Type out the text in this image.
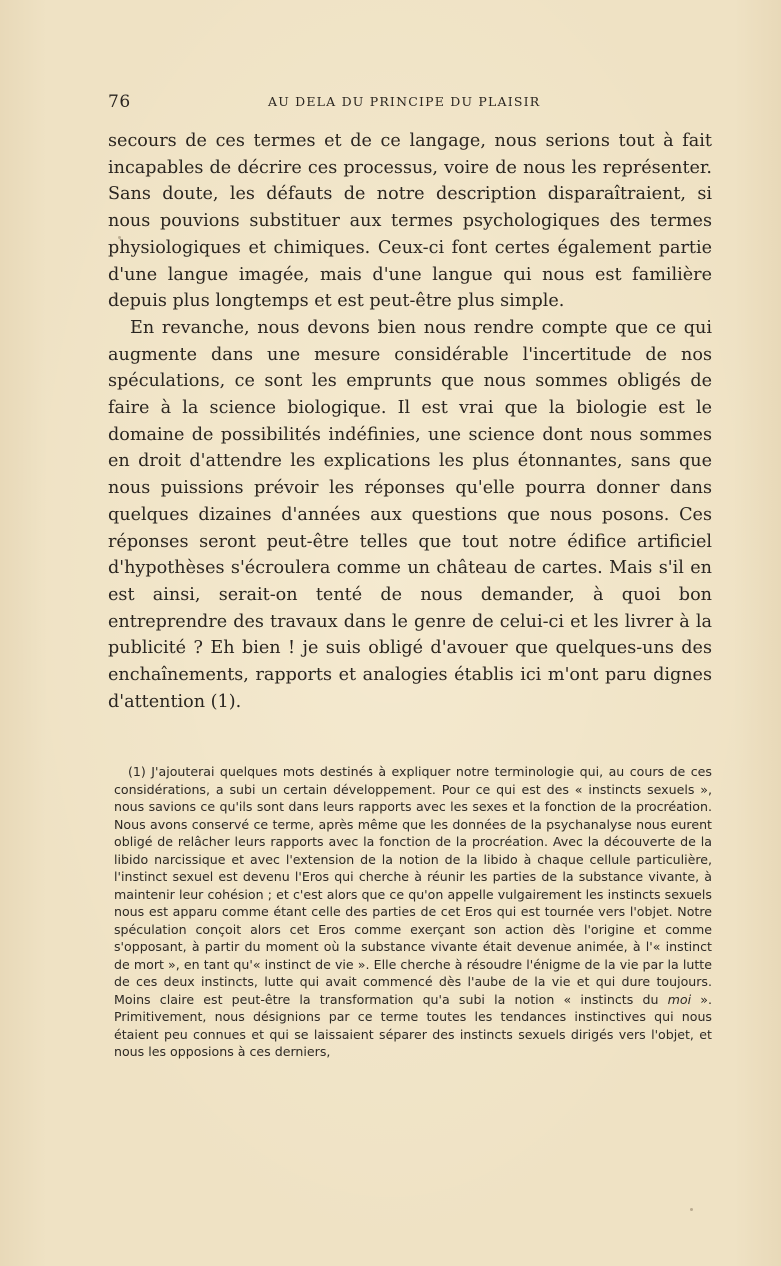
76	AU DELA DU PRINCIPE DU PLAISIR

secours de ces termes et de ce langage, nous serions tout à fait incapables de décrire ces processus, voire de nous les représenter. Sans doute, les défauts de notre description disparaîtraient, si nous pouvions substituer aux termes psychologiques des termes physiologiques et chimiques. Ceux-ci font certes également partie d'une langue imagée, mais d'une langue qui nous est familière depuis plus longtemps et est peut-être plus simple.

En revanche, nous devons bien nous rendre compte que ce qui augmente dans une mesure considérable l'incertitude de nos spéculations, ce sont les emprunts que nous sommes obligés de faire à la science biologique. Il est vrai que la biologie est le domaine de possibilités indéfinies, une science dont nous sommes en droit d'attendre les explications les plus étonnantes, sans que nous puissions prévoir les réponses qu'elle pourra donner dans quelques dizaines d'années aux questions que nous posons. Ces réponses seront peut-être telles que tout notre édifice artificiel d'hypothèses s'écroulera comme un château de cartes. Mais s'il en est ainsi, serait-on tenté de nous demander, à quoi bon entreprendre des travaux dans le genre de celui-ci et les livrer à la publicité ? Eh bien ! je suis obligé d'avouer que quelques-uns des enchaînements, rapports et analogies établis ici m'ont paru dignes d'attention (1).

(1) J'ajouterai quelques mots destinés à expliquer notre terminologie qui, au cours de ces considérations, a subi un certain développement. Pour ce qui est des « instincts sexuels », nous savions ce qu'ils sont dans leurs rapports avec les sexes et la fonction de la procréation. Nous avons conservé ce terme, après même que les données de la psychanalyse nous eurent obligé de relâcher leurs rapports avec la fonction de la procréation. Avec la découverte de la libido narcissique et avec l'extension de la notion de la libido à chaque cellule particulière, l'instinct sexuel est devenu l'Eros qui cherche à réunir les parties de la substance vivante, à maintenir leur cohésion ; et c'est alors que ce qu'on appelle vulgairement les instincts sexuels nous est apparu comme étant celle des parties de cet Eros qui est tournée vers l'objet. Notre spéculation conçoit alors cet Eros comme exerçant son action dès l'origine et comme s'opposant, à partir du moment où la substance vivante était devenue animée, à l'« instinct de mort », en tant qu'« instinct de vie ». Elle cherche à résoudre l'énigme de la vie par la lutte de ces deux instincts, lutte qui avait commencé dès l'aube de la vie et qui dure toujours. Moins claire est peut-être la transformation qu'a subi la notion « instincts du moi ». Primitivement, nous désignions par ce terme toutes les tendances instinctives qui nous étaient peu connues et qui se laissaient séparer des instincts sexuels dirigés vers l'objet, et nous les opposions à ces derniers,
